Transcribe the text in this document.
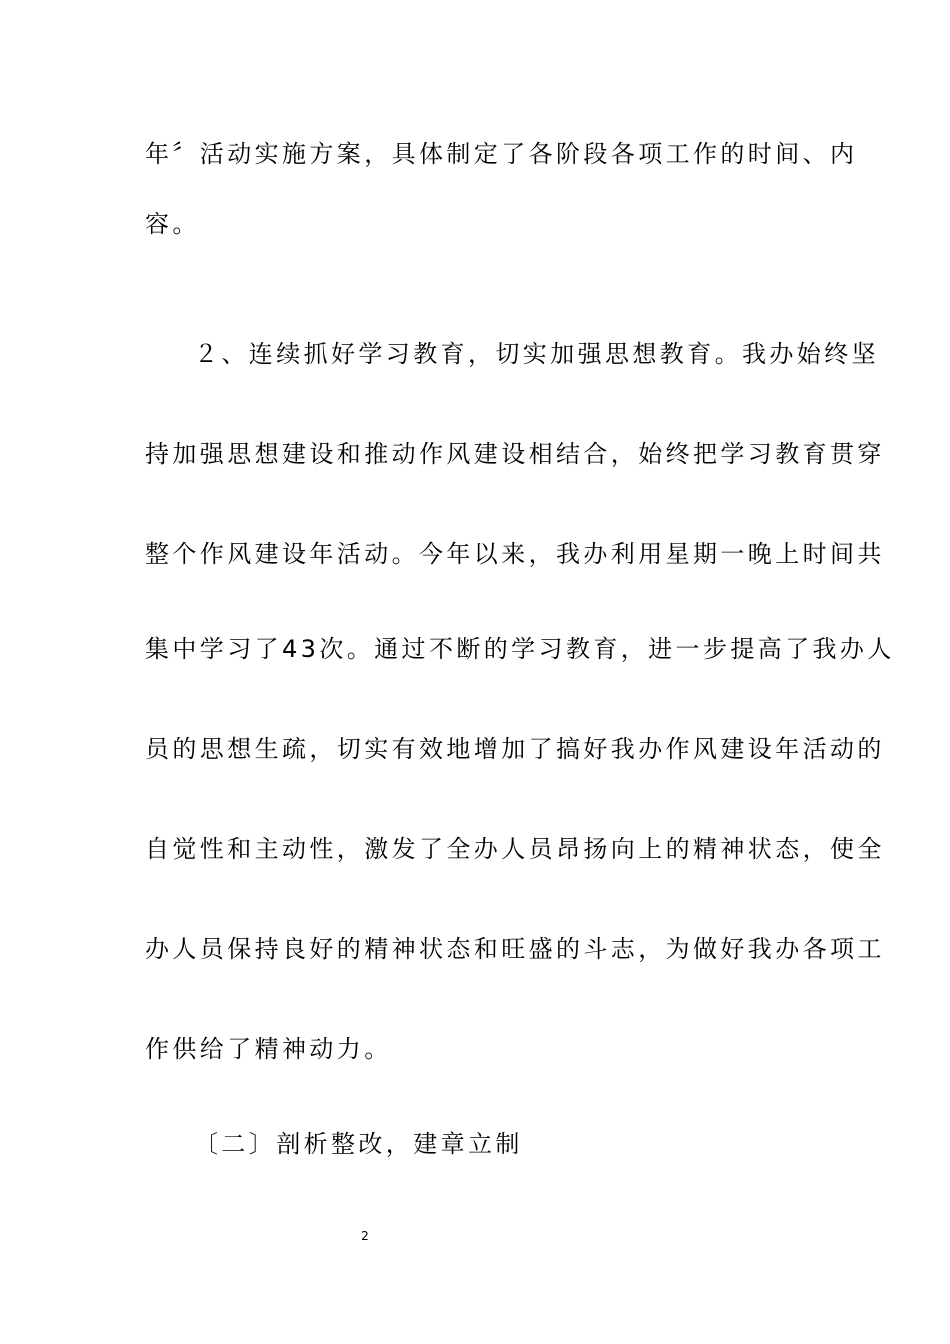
年〞活动实施方案，具体制定了各阶段各项工作的时间、内
容。
２、连续抓好学习教育，切实加强思想教育。我办始终坚
持加强思想建设和推动作风建设相结合，始终把学习教育贯穿
整个作风建设年活动。今年以来，我办利用星期一晚上时间共
集中学习了43次。通过不断的学习教育，进一步提高了我办人
员的思想生疏，切实有效地增加了搞好我办作风建设年活动的
自觉性和主动性，激发了全办人员昂扬向上的精神状态，使全
办人员保持良好的精神状态和旺盛的斗志，为做好我办各项工
作供给了精神动力。
〔二〕剖析整改，建章立制
2
